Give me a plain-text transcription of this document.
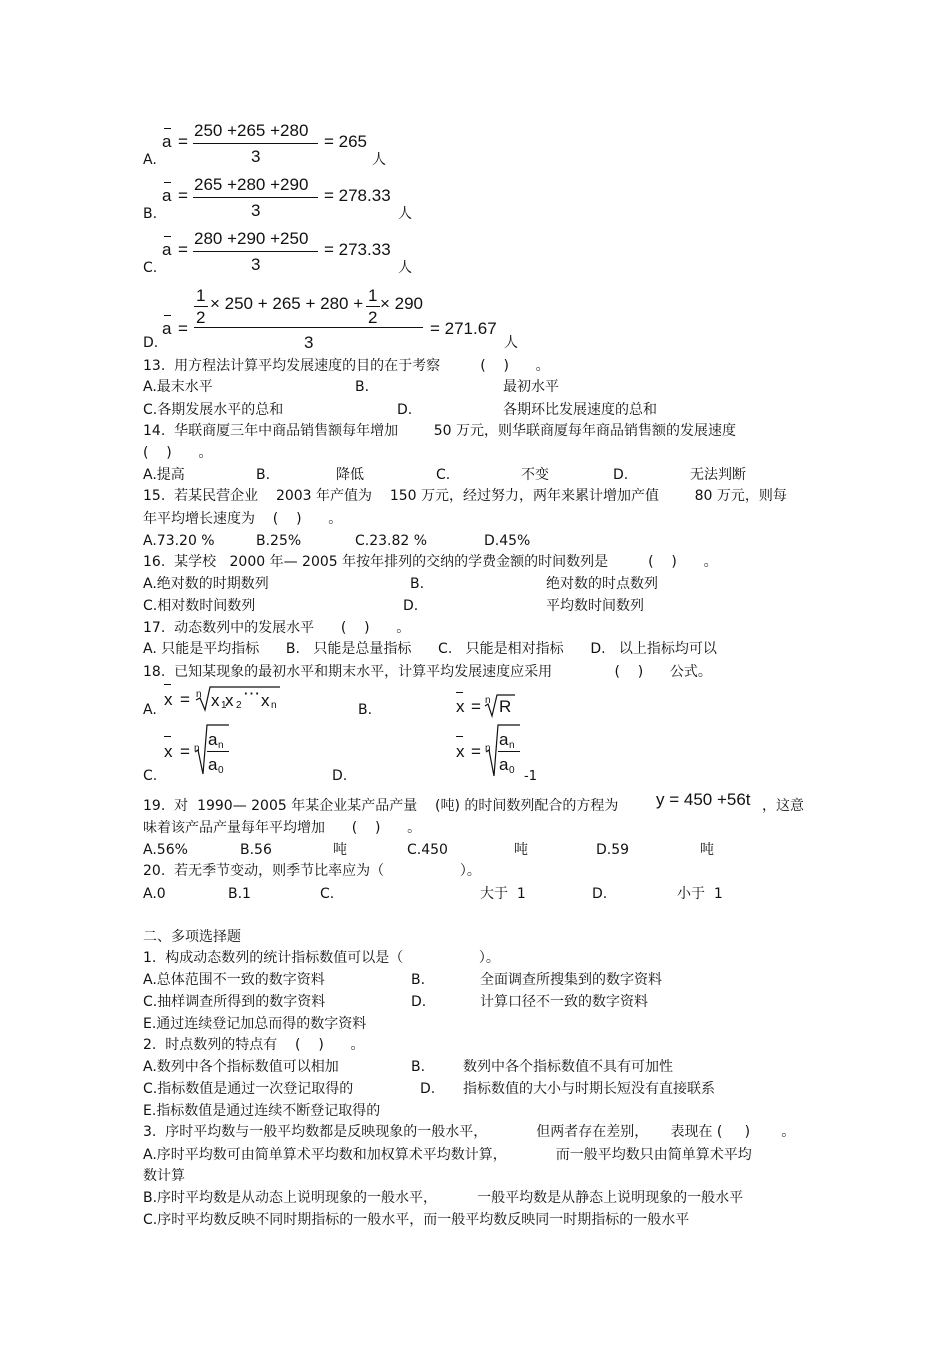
a =
250 +265 +280
3
= 265
A.	人
a =
265 +280 +290
3
= 278.33
B.	人
a =
280 +290 +250
3
= 273.33
C.	人
a =
1
2
× 250 + 265 + 280 + 1
2
× 290
3
= 271.67
D.	人
13.  用方程法计算平均发展速度的目的在于考察         (    )      。
A.最末水平	B.	最初水平
C.各期发展水平的总和	D.	各期环比发展速度的总和
14.  华联商厦三年中商品销售额每年增加        50 万元，则华联商厦每年商品销售额的发展速度
(    )      。
A.提高	B.	降低	C.	不变	D.	无法判断
15.  若某民营企业    2003 年产值为    150 万元，经过努力，两年来累计增加产值        80 万元，则每
年平均增长速度为    (    )      。
A.73.20 %	B.25%	C.23.82 %	D.45%
16.  某学校   2000 年— 2005 年按年排列的交纳的学费金额的时间数列是         (    )      。
A.绝对数的时期数列	B.	绝对数的时点数列
C.相对数时间数列	D.	平均数时间数列
17.  动态数列中的发展水平      (    )      。
A. 只能是平均指标      B.   只能是总量指标      C.   只能是相对指标      D.   以上指标均可以
18.  已知某现象的最初水平和期末水平，计算平均发展速度应采用              (    )      公式。
A.
x = n x 1
x 2
⋯ x n	B.	x = n R
C.
x = n a n
a 0	D.
x = n a n
a 0 -1
19.  对  1990— 2005 年某企业某产品产量    (吨) 的时间数列配合的方程为 y = 450 +56t ，这意
味着该产品产量每年平均增加      (    )      。
A.56%	B.56	吨	C.450	吨	D.59	吨
20.  若无季节变动，则季节比率应为（                 ）。
A.0	B.1	C.	大于  1	D.	小于  1
二、多项选择题
1.  构成动态数列的统计指标数值可以是（                 ）。
A.总体范围不一致的数字资料	B.	全面调查所搜集到的数字资料
C.抽样调查所得到的数字资料	D.	计算口径不一致的数字资料
E.通过连续登记加总而得的数字资料
2.  时点数列的特点有    (    )      。
A.数列中各个指标数值可以相加	B.	数列中各个指标数值不具有可加性
C.指标数值是通过一次登记取得的	D. 指标数值的大小与时期长短没有直接联系
E.指标数值是通过连续不断登记取得的
3.  序时平均数与一般平均数都是反映现象的一般水平，           但两者存在差别，     表现在 (     )       。
A.序时平均数可由简单算术平均数和加权算术平均数计算，           而一般平均数只由简单算术平均
数计算
B.序时平均数是从动态上说明现象的一般水平，         一般平均数是从静态上说明现象的一般水平
C.序时平均数反映不同时期指标的一般水平，而一般平均数反映同一时期指标的一般水平
